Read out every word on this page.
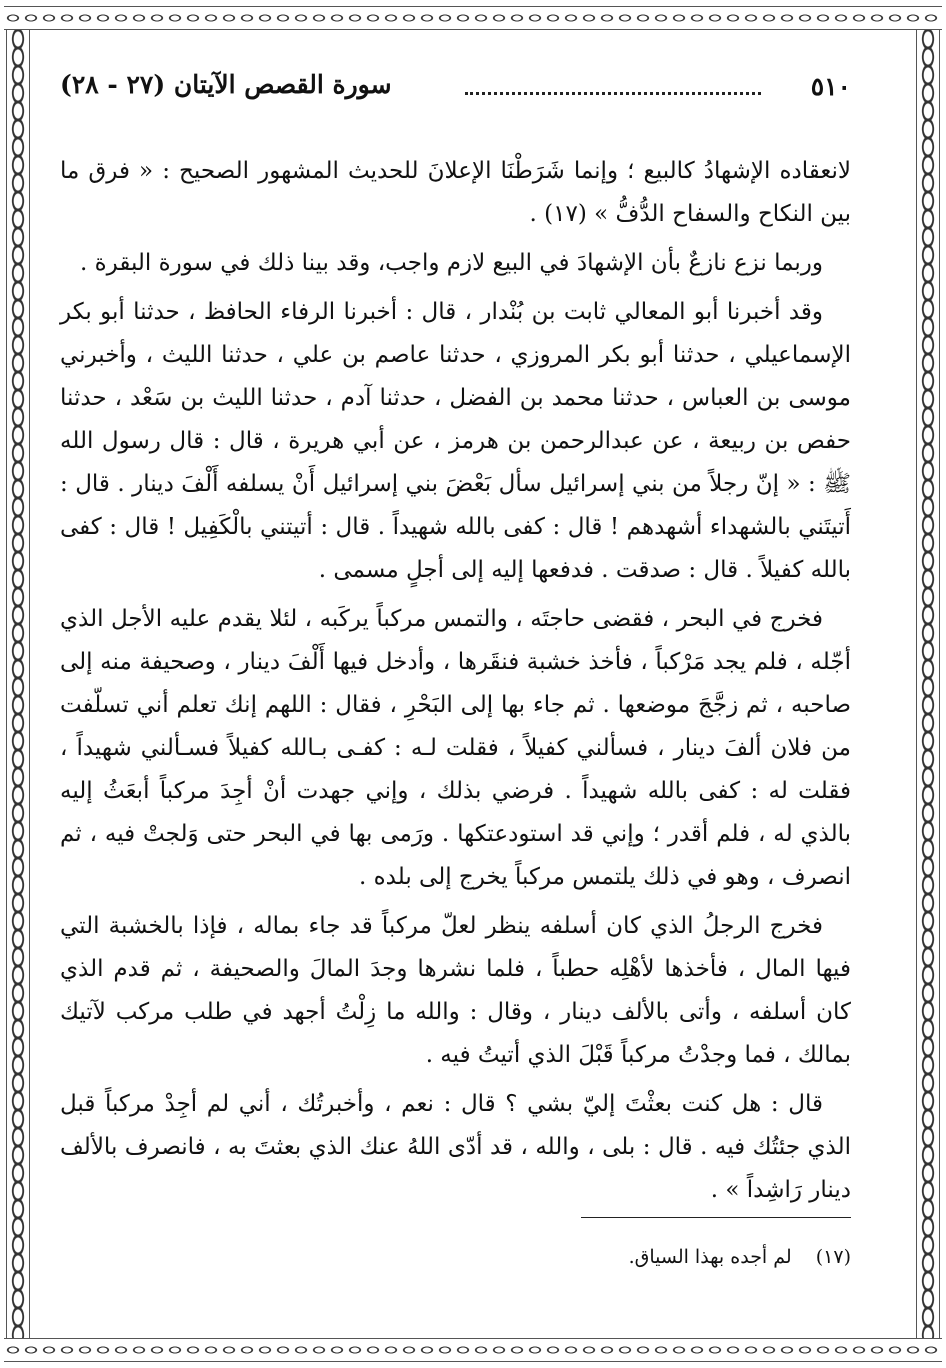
٥١٠
سورة القصص الآيتان (٢٧ - ٢٨)

لانعقاده الإشهادُ كالبيع ؛ وإنما شَرَطْنَا الإعلانَ للحديث المشهور الصحيح : « فرق ما بين النكاح والسفاح الدُّفُّ » (١٧) .

وربما نزع نازعٌ بأن الإشهادَ في البيع لازم واجب، وقد بينا ذلك في سورة البقرة .

وقد أخبرنا أبو المعالي ثابت بن بُنْدار ، قال : أخبرنا الرفاء الحافظ ، حدثنا أبو بكر الإسماعيلي ، حدثنا أبو بكر المروزي ، حدثنا عاصم بن علي ، حدثنا الليث ، وأخبرني موسى بن العباس ، حدثنا محمد بن الفضل ، حدثنا آدم ، حدثنا الليث بن سَعْد ، حدثنا حفص بن ربيعة ، عن عبدالرحمن بن هرمز ، عن أبي هريرة ، قال : قال رسول الله ﷺ : « إنّ رجلاً من بني إسرائيل سأل بَعْضَ بني إسرائيل أَنْ يسلفه أَلْفَ دينار . قال : أَتيتَني بالشهداء أشهدهم ! قال : كفى بالله شهيداً . قال : أتيتني بالْكَفِيل ! قال : كفى بالله كفيلاً . قال : صدقت . فدفعها إليه إلى أجلٍ مسمى .

فخرج في البحر ، فقضى حاجتَه ، والتمس مركباً يركَبه ، لئلا يقدم عليه الأجل الذي أجّله ، فلم يجد مَرْكباً ، فأخذ خشبة فنقَرها ، وأدخل فيها أَلْفَ دينار ، وصحيفة منه إلى صاحبه ، ثم زجَّجَ موضعها . ثم جاء بها إلى البَحْرِ ، فقال : اللهم إنك تعلم أني تسلّفت من فلان ألفَ دينار ، فسألني كفيلاً ، فقلت لـه : كفـى بـالله كفيلاً فسـألني شهيداً ، فقلت له : كفى بالله شهيداً . فرضي بذلك ، وإني جهدت أنْ أجِدَ مركباً أبعَثُ إليه بالذي له ، فلم أقدر ؛ وإني قد استودعتكها . ورَمى بها في البحر حتى وَلجتْ فيه ، ثم انصرف ، وهو في ذلك يلتمس مركباً يخرج إلى بلده .

فخرج الرجلُ الذي كان أسلفه ينظر لعلّ مركباً قد جاء بماله ، فإذا بالخشبة التي فيها المال ، فأخذها لأهْلِه حطباً ، فلما نشرها وجدَ المالَ والصحيفة ، ثم قدم الذي كان أسلفه ، وأتى بالألف دينار ، وقال : والله ما زِلْتُ أجهد في طلب مركب لآتيك بمالك ، فما وجدْتُ مركباً قَبْلَ الذي أتيتُ فيه .

قال : هل كنت بعثْتَ إليّ بشي ؟ قال : نعم ، وأخبرتُك ، أني لم أجِدْ مركباً قبل الذي جئتُك فيه . قال : بلى ، والله ، قد أدّى اللهُ عنك الذي بعثتَ به ، فانصرف بالألف دينار رَاشِداً » .

(١٧) لم أجده بهذا السياق.
